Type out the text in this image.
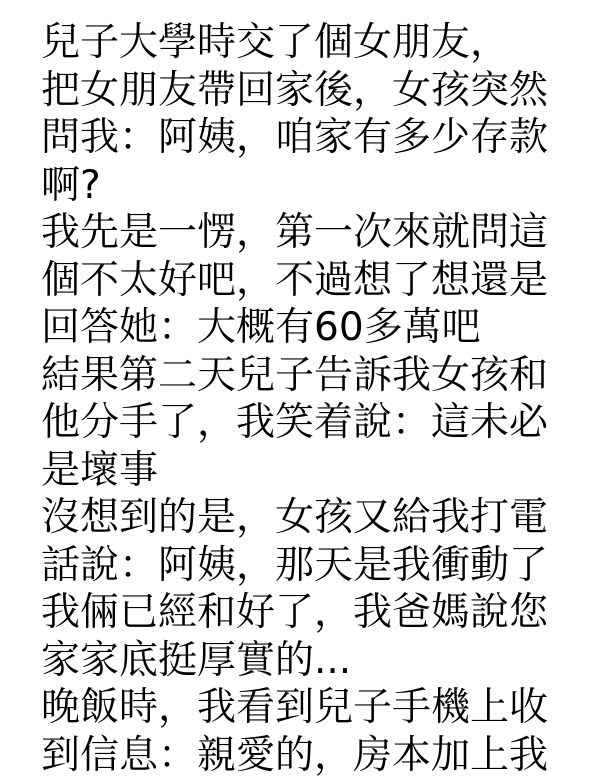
兒子大學時交了個女朋友，
把女朋友帶回家後，女孩突然
問我：阿姨，咱家有多少存款
啊?
我先是一愣，第一次來就問這
個不太好吧，不過想了想還是
回答她：大概有60多萬吧
結果第二天兒子告訴我女孩和
他分手了，我笑着說：這未必
是壞事
沒想到的是，女孩又給我打電
話說：阿姨，那天是我衝動了
我倆已經和好了，我爸媽說您
家家底挺厚實的...
晚飯時，我看到兒子手機上收
到信息：親愛的，房本加上我
